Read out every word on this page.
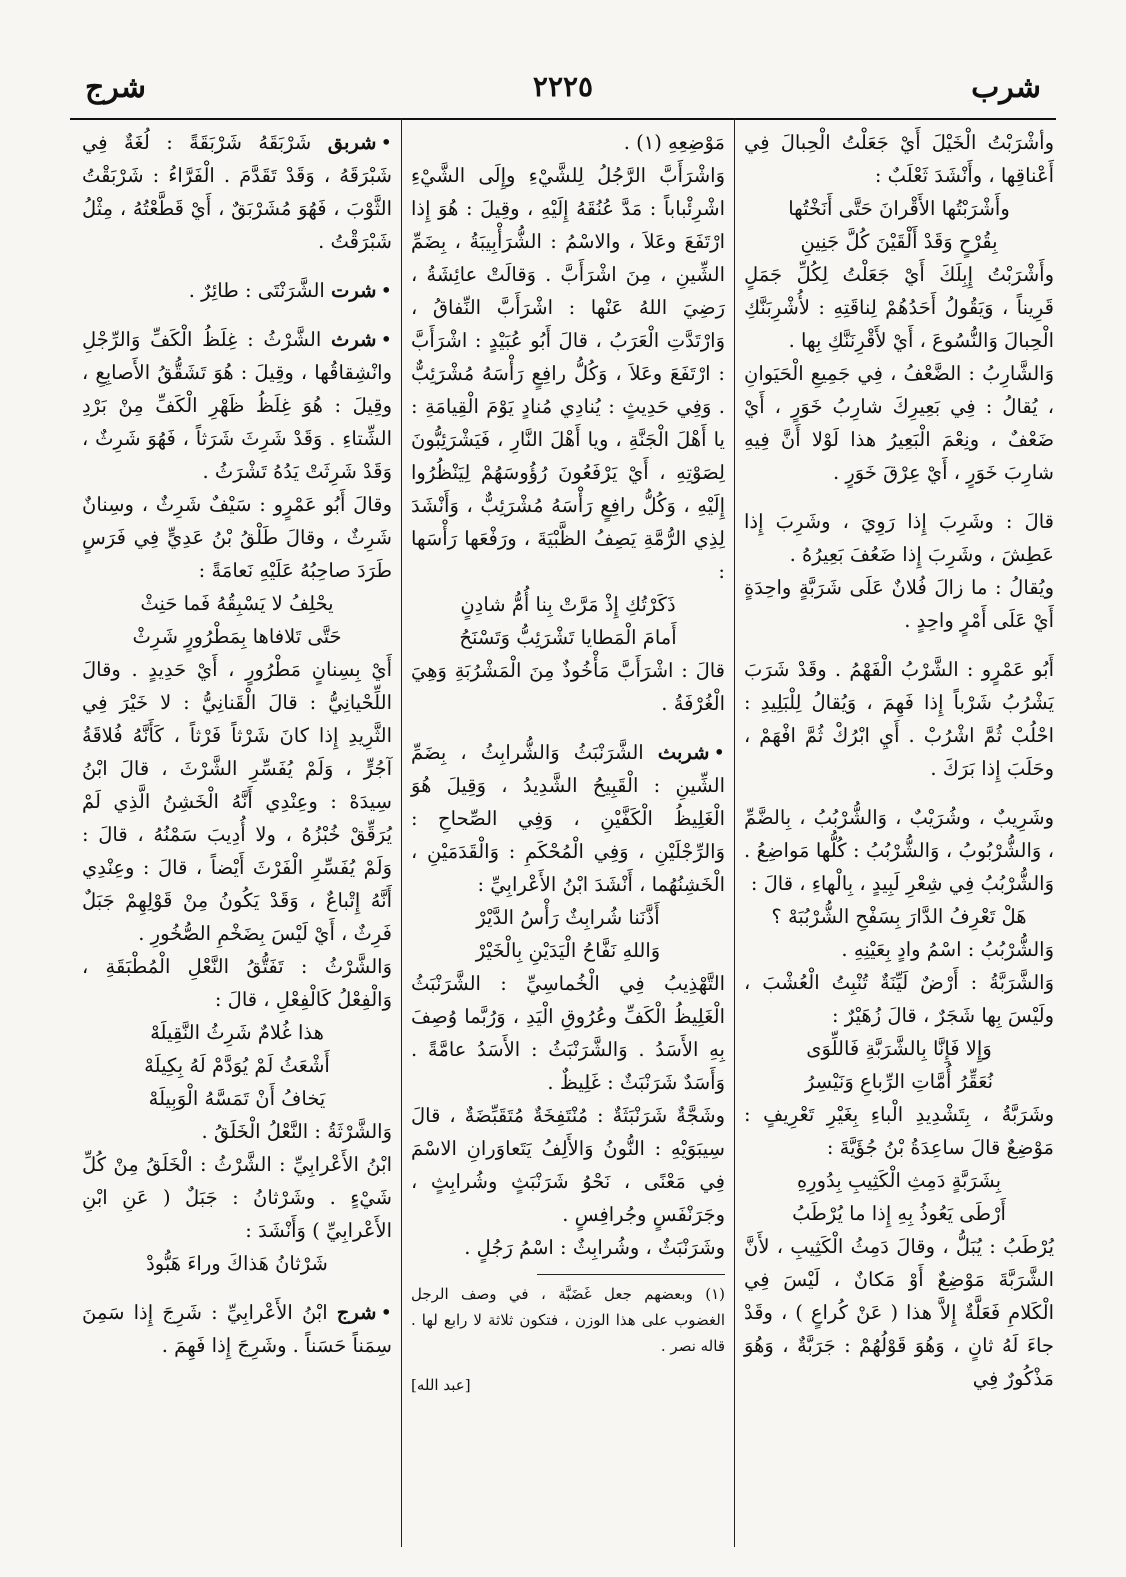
شرب
٢٢٢٥
شرج

وأشْرَبْتُ الْخَيْلَ أَيْ جَعَلْتُ الْحِبالَ فِي أَعْناقِها ، وأَنْشَدَ ثَعْلَبٌ :

وأَشْرَبْتُها الأَقْرانَ حَتَّى أَنَخْتُها

بِقُرْحٍ وَقَدْ أَلْقَيْنَ كُلَّ جَنِينِ

وأَشْرَبْتُ إِبِلَكَ أَيْ جَعَلْتُ لِكُلِّ جَمَلٍ قَرِيناً ، وَيَقُولُ أَحَدُهُمْ لِناقَتِهِ : لأُشْرِبَنَّكِ الْحِبالَ وَالنُّسُوعَ ، أَيْ لأَقْرِنَنَّكِ بِها .

وَالشَّارِبُ : الضَّعْفُ ، فِي جَمِيعِ الْحَيَوانِ ، يُقالُ : فِي بَعِيرِكَ شارِبُ خَوَرٍ ، أَيْ ضَعْفٌ ، ونِعْمَ الْبَعِيرُ هذا لَوْلا أَنَّ فِيهِ شارِبَ خَوَرٍ ، أَيْ عِرْقَ خَوَرٍ .

قالَ : وشَرِبَ إِذا رَوِيَ ، وشَرِبَ إِذا عَطِشَ ، وشَرِبَ إِذا ضَعُفَ بَعِيرُهُ .

ويُقالُ : ما زالَ فُلانٌ عَلَى شَرَبَّةٍ واحِدَةٍ أَيْ عَلَى أَمْرٍ واحِدٍ .

أَبُو عَمْرٍو : الشَّرْبُ الْفَهْمُ . وقَدْ شَرَبَ يَشْرُبُ شَرْباً إِذا فَهِمَ ، وَيُقالُ لِلْبَلِيدِ : احْلُبْ ثُمَّ اشْرُبْ . أَيِ ابْرُكْ ثُمَّ افْهَمْ ، وحَلَبَ إِذا بَرَكَ .

وشَرِيبٌ ، وشُرَيْبٌ ، وَالشُّرْبُبُ ، بِالضَّمِّ ، وَالشُّرْبُوبُ ، وَالشُّرْبُبُ : كُلُّها مَواضِعُ . وَالشُّرْبُبُ فِي شِعْرِ لَبِيدٍ ، بِالْهاءِ ، قالَ :

هَلْ تَعْرِفُ الدَّارَ بِسَفْحِ الشُّرْبُبَهْ ؟

وَالشُّرْبُبُ : اسْمُ وادٍ بِعَيْنِهِ .

وَالشَّرَبَّةُ : أَرْضٌ لَيِّنَةٌ تُنْبِتُ الْعُشْبَ ، ولَيْسَ بِها شَجَرٌ ، قالَ زُهَيْرٌ :

وَإِلا فَإِنَّا بِالشَّرَبَّةِ فَاللِّوَى

نُعَقِّرُ أُمَّاتِ الرِّباعِ وَنَيْسِرُ

وشَرَبَّةُ ، بِتَشْدِيدِ الْباءِ بِغَيْرِ تَعْرِيفٍ : مَوْضِعٌ قالَ ساعِدَةُ بْنُ جُؤَيَّةَ :

بِشَرَبَّةٍ دَمِثِ الْكَثِيبِ بِدُورِهِ

أَرْطَى يَعُوذُ بِهِ إِذا ما يُرْطَبُ

يُرْطَبُ : يُبَلُّ ، وقالَ دَمِثُ الْكَثِيبِ ، لأَنَّ الشَّرَبَّةَ مَوْضِعٌ أَوْ مَكانٌ ، لَيْسَ فِي الْكَلامِ فَعَلَّةٌ إِلاَّ هذا ( عَنْ كُراعٍ ) ، وقَدْ جاءَ لَهُ ثانٍ ، وَهُوَ قَوْلُهُمْ : جَرَبَّةٌ ، وَهُوَ مَذْكُورٌ فِي

مَوْضِعِهِ (١) .

وَاشْرَأَبَّ الرَّجُلُ لِلشَّيْءِ وإِلَى الشَّيْءِ اشْرِئْباباً : مَدَّ عُنُقَهُ إِلَيْهِ ، وقِيلَ : هُوَ إِذا ارْتَفَعَ وعَلاَ ، والاسْمُ : الشُّرَأْبِيبَةُ ، بِضَمِّ الشِّينِ ، مِنَ اشْرَأَبَّ . وَقالَتْ عائِشَةُ ، رَضِيَ اللهُ عَنْها : اشْرَأَبَّ النِّفاقُ ، وَارْتَدَّتِ الْعَرَبُ ، قالَ أَبُو عُبَيْدٍ : اشْرَأَبَّ : ارْتَفَعَ وعَلاَ ، وَكُلُّ رافِعٍ رَأْسَهُ مُشْرَئِبٌّ . وَفِي حَدِيثٍ : يُنادِي مُنادٍ يَوْمَ الْقِيامَةِ : يا أَهْلَ الْجَنَّةِ ، ويا أَهْلَ النَّارِ ، فَيَشْرَئِبُّونَ لِصَوْتِهِ ، أَيْ يَرْفَعُونَ رُؤُوسَهُمْ لِيَنْظُرُوا إِلَيْهِ ، وَكُلُّ رافِعٍ رَأْسَهُ مُشْرَئِبٌّ ، وَأَنْشَدَ لِذِي الرُّمَّةِ يَصِفُ الظَّبْيَةَ ، ورَفْعَها رَأْسَها :

ذَكَرْتُكِ إِذْ مَرَّتْ بِنا أُمُّ شادِنٍ

أَمامَ الْمَطايا تَشْرَئِبُّ وَتَسْنَحُ

قالَ : اشْرَأَبَّ مَأْخُوذٌ مِنَ الْمَشْرُبَةِ وَهِيَ الْغُرْفَةُ .

• شربث الشَّرَنْبَثُ وَالشُّرابِثُ ، بِضَمِّ الشِّينِ : الْقَبِيحُ الشَّدِيدُ ، وَقِيلَ هُوَ الْغَلِيظُ الْكَفَّيْنِ ، وَفِي الصِّحاحِ : وَالرِّجْلَيْنِ ، وَفِي الْمُحْكَمِ : وَالْقَدَمَيْنِ ، الْخَشِنُهُما ، أَنْشَدَ ابْنُ الأَعْرابِيِّ :

أَذَّنَنا شُرابِثٌ رَأْسُ الدَّيْرْ

وَاللهِ نَفَّاحُ الْيَدَيْنِ بِالْخَيْرْ

التَّهْذِيبُ فِي الْخُماسِيِّ : الشَّرَنْبَثُ الْغَلِيظُ الْكَفِّ وعُرُوقِ الْيَدِ ، وَرُبَّما وُصِفَ بِهِ الأَسَدُ . وَالشَّرَنْبَثُ : الأَسَدُ عامَّةً . وَأَسَدٌ شَرَنْبَثٌ : غَلِيظٌ .

وشَجَّةٌ شَرَنْبَثَةٌ : مُنْتَفِخَةٌ مُتَقَبِّضَةٌ ، قالَ سِيبَوَيْهِ : النُّونُ وَالأَلِفُ يَتَعاوَرانِ الاسْمَ فِي مَعْنًى ، نَحْوُ شَرَنْبَثٍ وشُرابِثٍ ، وجَرَنْفَسٍ وجُرافِسٍ .

وشَرَنْبَثٌ ، وشُرابِثٌ : اسْمُ رَجُلٍ .

(١) وبعضهم جعل غَضَبَّة ، في وصف الرجل الغضوب على هذا الوزن ، فتكون ثلاثة لا رابع لها . قاله نصر .

[عبد الله]

• شربق شَرْبَقَهُ شَرْبَقَةً : لُغَةٌ فِي شَبْرَقَهُ ، وَقَدْ تَقَدَّمَ . الْفَرَّاءُ : شَرْبَقْتُ الثَّوْبَ ، فَهُوَ مُشَرْبَقٌ ، أَيْ قَطَّعْتُهُ ، مِثْلُ شَبْرَقْتُ .

• شرت الشَّرَنْتَى : طائِرٌ .

• شرث الشَّرْثُ : غِلَظُ الْكَفِّ وَالرِّجْلِ وانْشِقاقُها ، وقِيلَ : هُوَ تَشَقُّقُ الأَصابِعِ ، وقِيلَ : هُوَ غِلَظُ ظَهْرِ الْكَفِّ مِنْ بَرْدِ الشِّتاءِ . وَقَدْ شَرِثَ شَرَثاً ، فَهُوَ شَرِثٌ ، وَقَدْ شَرِثَتْ يَدُهُ تَشْرَثُ .

وقالَ أَبُو عَمْرٍو : سَيْفٌ شَرِثٌ ، وسِنانٌ شَرِثٌ ، وقالَ طَلْقُ بْنُ عَدِيٍّ فِي فَرَسٍ طَرَدَ صاحِبُهُ عَلَيْهِ نَعامَةً :

يحْلِفُ لا يَسْبِقُهُ فَما حَنِثْ

حَتَّى تَلافاها بِمَطْرُورٍ شَرِثْ

أَيْ بِسِنانٍ مَطْرُورٍ ، أَيْ حَدِيدٍ . وقالَ اللِّحْيانِيُّ : قالَ الْقَنانِيُّ : لا خَيْرَ فِي الثَّرِيدِ إِذا كانَ شَرْثاً فَرْثاً ، كَأَنَّهُ فُلاقَةُ آجُرٍّ ، وَلَمْ يُفَسِّرِ الشَّرْثَ ، قالَ ابْنُ سِيدَهْ : وعِنْدِي أَنَّهُ الْخَشِنُ الَّذِي لَمْ يُرَقِّقْ خُبْزُهُ ، ولا أُدِيبَ سَمْنُهُ ، قالَ : وَلَمْ يُفَسِّرِ الْفَرْثَ أَيْضاً ، قالَ : وعِنْدِي أَنَّهُ إِتْباعٌ ، وَقَدْ يَكُونُ مِنْ قَوْلِهِمْ جَبَلٌ فَرِثٌ ، أَيْ لَيْسَ بِضَخْمِ الصُّخُورِ .

وَالشَّرْثُ : تَفَتُّقُ النَّعْلِ الْمُطْبَقَةِ ، وَالْفِعْلُ كَالْفِعْلِ ، قالَ :

هذا غُلامٌ شَرِثُ النَّقِيلَهْ

أَشْعَثُ لَمْ يُوَدَّمْ لَهُ بِكِيلَهْ

يَخافُ أَنْ تَمَسَّهُ الْوَبِيلَهْ

وَالشَّرْثَةُ : النَّعْلُ الْخَلَقُ .

ابْنُ الأَعْرابِيِّ : الشَّرْثُ : الْخَلَقُ مِنْ كُلِّ شَيْءٍ . وشَرْثانُ : جَبَلٌ ( عَنِ ابْنِ الأَعْرابِيِّ ) وَأَنْشَدَ :

شَرْثانُ هَذاكَ وراءَ هَبُّودْ

• شرج ابْنُ الأَعْرابِيِّ : شَرِجَ إِذا سَمِنَ سِمَناً حَسَناً . وشَرِجَ إِذا فَهِمَ .
